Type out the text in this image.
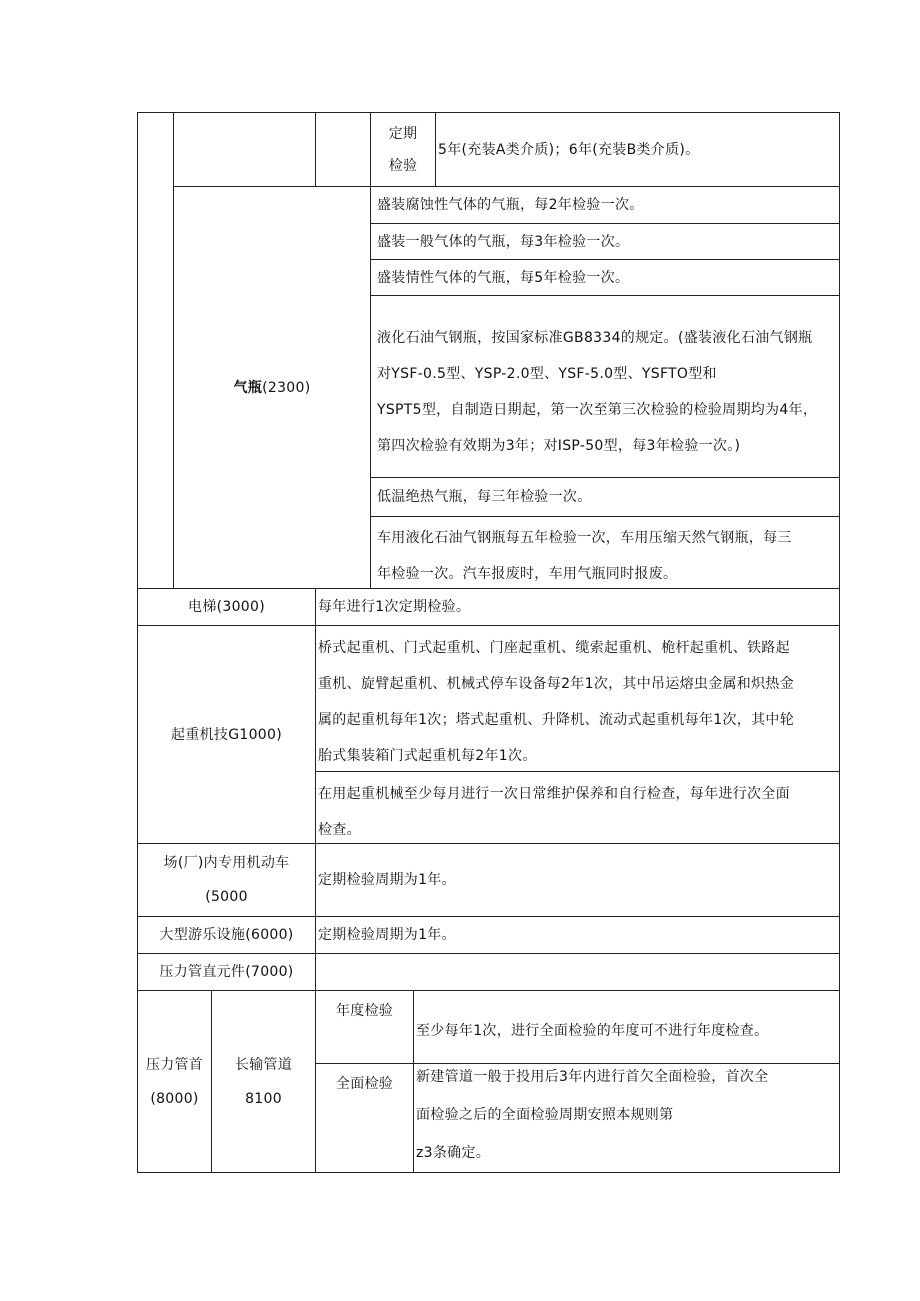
定期

检验

5年(充装A类介质)；6年(充装B类介质)。

气瓶(2300)

盛装腐蚀性气体的气瓶，每2年检验一次。

盛装一般气体的气瓶，每3年检验一次。

盛装情性气体的气瓶，每5年检验一次。

液化石油气钢瓶，按国家标准GB8334的规定。(盛装液化石油气钢瓶

对YSF-0.5型、YSP-2.0型、YSF-5.0型、YSFTO型和

YSPT5型，自制造日期起，第一次至第三次检验的检验周期均为4年，

第四次检验有效期为3年；对ISP-50型，每3年检验一次。)

低温绝热气瓶，每三年检验一次。

车用液化石油气钢瓶每五年检验一次，车用压缩天然气钢瓶，每三

年检验一次。汽车报废时，车用气瓶同时报废。

电梯(3000)	每年进行1次定期检验。

起重机技G1000)

桥式起重机、门式起重机、门座起重机、缆索起重机、桅杆起重机、铁路起

重机、旋臂起重机、机械式停车设备每2年1次，其中吊运熔虫金属和炽热金

属的起重机每年1次；塔式起重机、升降机、流动式起重机每年1次，其中轮

胎式集装箱门式起重机每2年1次。

在用起重机械至少每月进行一次日常维护保养和自行检查，每年进行次全面

检查。

场(厂)内专用机动车

(5000

定期检验周期为1年。

大型游乐设施(6000) 定期检验周期为1年。

压力管直元件(7000)

压力管首

(8000)

长输管道

8100

年度检验

至少每年1次，进行全面检验的年度可不进行年度检查。

全面检验	新建管道一般于投用后3年内进行首欠全面检验，首次全

面检验之后的全面检验周期安照本规则第

z3条确定。
